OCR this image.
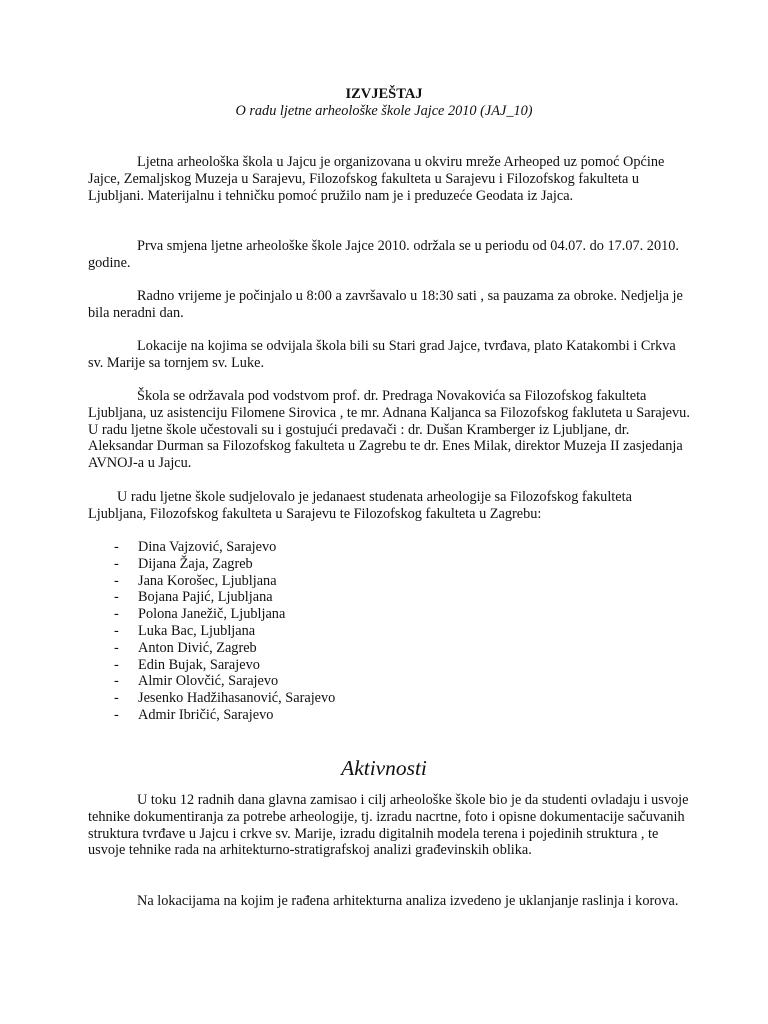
IZVJEŠTAJ
O radu ljetne arheološke škole Jajce 2010 (JAJ_10)

Ljetna arheološka škola u Jajcu je organizovana u okviru mreže Arheoped uz pomoć Općine Jajce, Zemaljskog Muzeja u Sarajevu, Filozofskog fakulteta u Sarajevu i Filozofskog fakulteta u Ljubljani. Materijalnu i tehničku pomoć pružilo nam je i preduzeće Geodata iz Jajca.

Prva smjena ljetne arheološke škole Jajce 2010. održala se u periodu od 04.07. do 17.07. 2010. godine.

Radno vrijeme je počinjalo u 8:00 a završavalo u 18:30 sati , sa pauzama za obroke. Nedjelja je bila neradni dan.

Lokacije na kojima se odvijala škola bili su Stari grad Jajce, tvrđava, plato Katakombi i Crkva sv. Marije sa tornjem sv. Luke.

Škola se održavala pod vodstvom prof. dr. Predraga Novakovića sa Filozofskog fakulteta Ljubljana, uz asistenciju Filomene Sirovica , te mr. Adnana Kaljanca sa Filozofskog fakluteta u Sarajevu. U radu ljetne škole učestovali su i gostujući predavači : dr. Dušan Kramberger iz Ljubljane, dr. Aleksandar Durman sa Filozofskog fakulteta u Zagrebu te dr. Enes Milak, direktor Muzeja II zasjedanja AVNOJ-a u Jajcu.

U radu ljetne škole sudjelovalo je jedanaest studenata arheologije sa Filozofskog fakulteta Ljubljana, Filozofskog fakulteta u Sarajevu te Filozofskog fakulteta u Zagrebu:

- Dina Vajzović, Sarajevo
- Dijana Žaja, Zagreb
- Jana Korošec, Ljubljana
- Bojana Pajić, Ljubljana
- Polona Janežič, Ljubljana
- Luka Bac, Ljubljana
- Anton Divić, Zagreb
- Edin Bujak, Sarajevo
- Almir Olovčić, Sarajevo
- Jesenko Hadžihasanović, Sarajevo
- Admir Ibričić, Sarajevo
Aktivnosti

U toku 12 radnih dana glavna zamisao i cilj arheološke škole bio je da studenti ovladaju i usvoje tehnike dokumentiranja za potrebe arheologije, tj. izradu nacrtne, foto i opisne dokumentacije sačuvanih struktura tvrđave u Jajcu i crkve sv. Marije, izradu digitalnih modela terena i pojedinih struktura , te usvoje tehnike rada na arhitekturno-stratigrafskoj analizi građevinskih oblika.

Na lokacijama na kojim je rađena arhitekturna analiza izvedeno je uklanjanje raslinja i korova.
